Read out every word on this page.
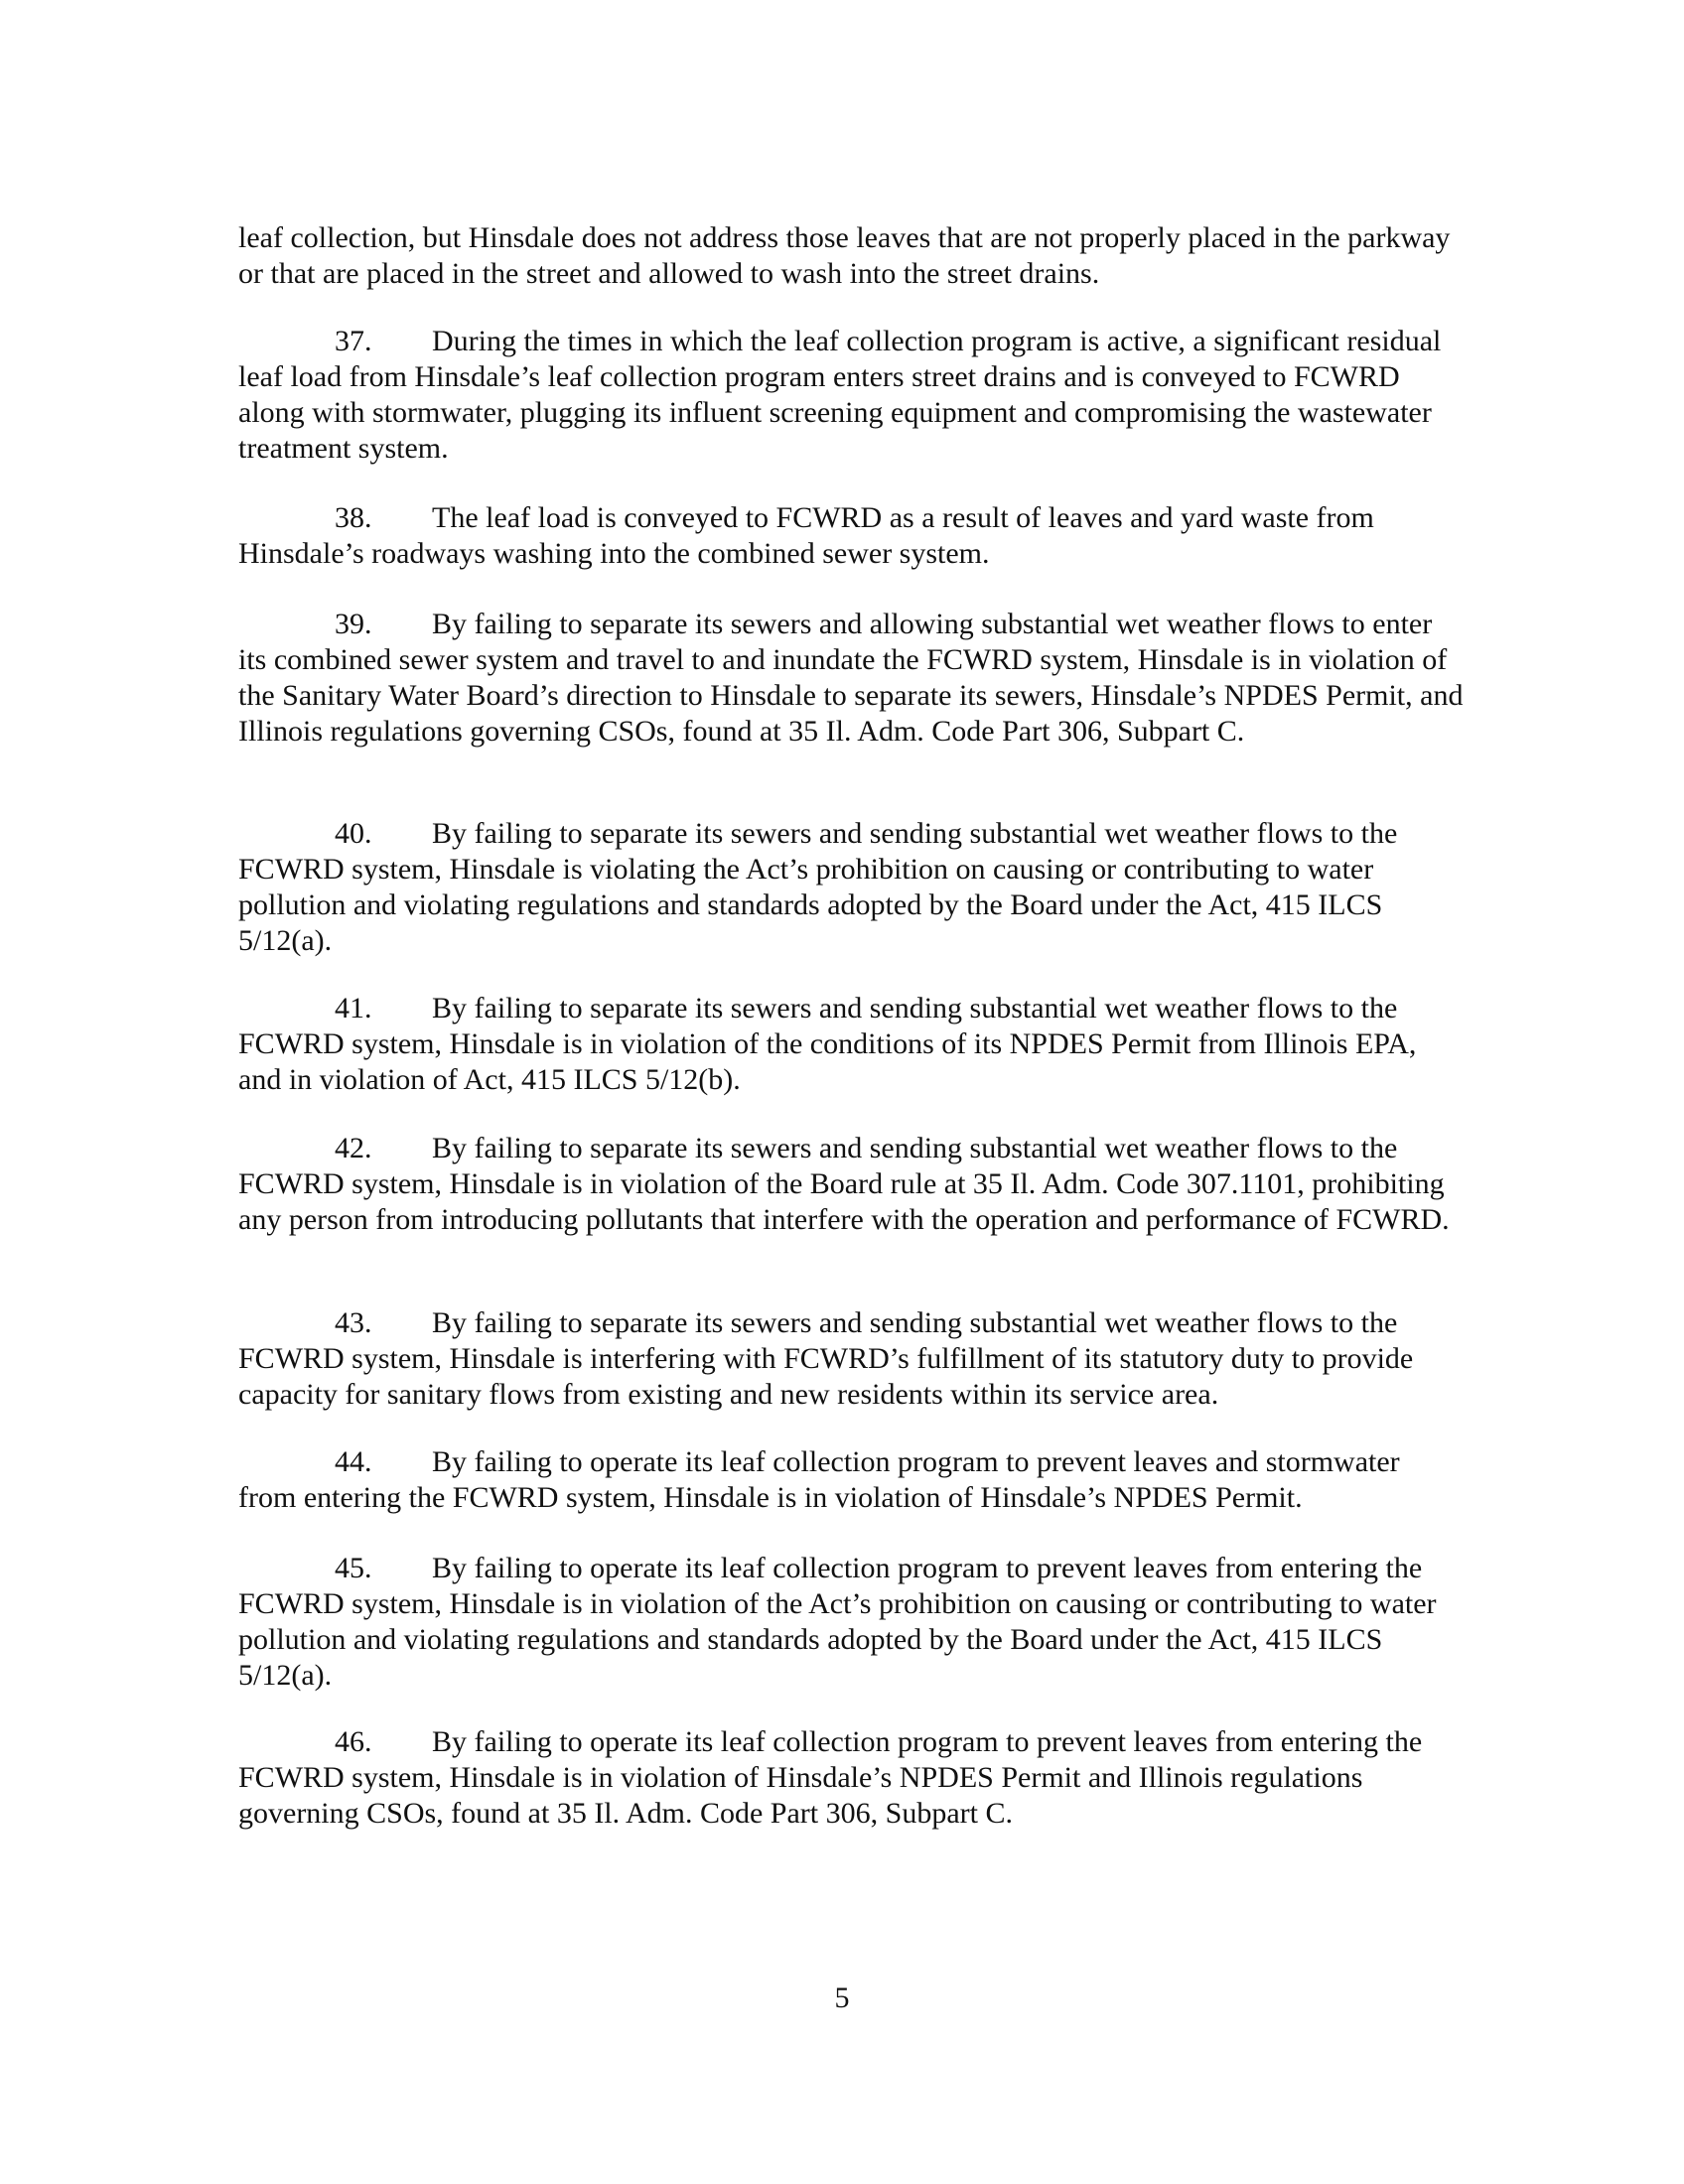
leaf collection, but Hinsdale does not address those leaves that are not properly placed in the parkway or that are placed in the street and allowed to wash into the street drains.

37. During the times in which the leaf collection program is active, a significant residual leaf load from Hinsdale’s leaf collection program enters street drains and is conveyed to FCWRD along with stormwater, plugging its influent screening equipment and compromising the wastewater treatment system.

38. The leaf load is conveyed to FCWRD as a result of leaves and yard waste from Hinsdale’s roadways washing into the combined sewer system.

39. By failing to separate its sewers and allowing substantial wet weather flows to enter its combined sewer system and travel to and inundate the FCWRD system, Hinsdale is in violation of the Sanitary Water Board’s direction to Hinsdale to separate its sewers, Hinsdale’s NPDES Permit, and Illinois regulations governing CSOs, found at 35 Il. Adm. Code Part 306, Subpart C.

40. By failing to separate its sewers and sending substantial wet weather flows to the FCWRD system, Hinsdale is violating the Act’s prohibition on causing or contributing to water pollution and violating regulations and standards adopted by the Board under the Act, 415 ILCS 5/12(a).

41. By failing to separate its sewers and sending substantial wet weather flows to the FCWRD system, Hinsdale is in violation of the conditions of its NPDES Permit from Illinois EPA, and in violation of Act, 415 ILCS 5/12(b).

42. By failing to separate its sewers and sending substantial wet weather flows to the FCWRD system, Hinsdale is in violation of the Board rule at 35 Il. Adm. Code 307.1101, prohibiting any person from introducing pollutants that interfere with the operation and performance of FCWRD.

43. By failing to separate its sewers and sending substantial wet weather flows to the FCWRD system, Hinsdale is interfering with FCWRD’s fulfillment of its statutory duty to provide capacity for sanitary flows from existing and new residents within its service area.

44. By failing to operate its leaf collection program to prevent leaves and stormwater from entering the FCWRD system, Hinsdale is in violation of Hinsdale’s NPDES Permit.

45. By failing to operate its leaf collection program to prevent leaves from entering the FCWRD system, Hinsdale is in violation of the Act’s prohibition on causing or contributing to water pollution and violating regulations and standards adopted by the Board under the Act, 415 ILCS 5/12(a).

46. By failing to operate its leaf collection program to prevent leaves from entering the FCWRD system, Hinsdale is in violation of Hinsdale’s NPDES Permit and Illinois regulations governing CSOs, found at 35 Il. Adm. Code Part 306, Subpart C.

5
